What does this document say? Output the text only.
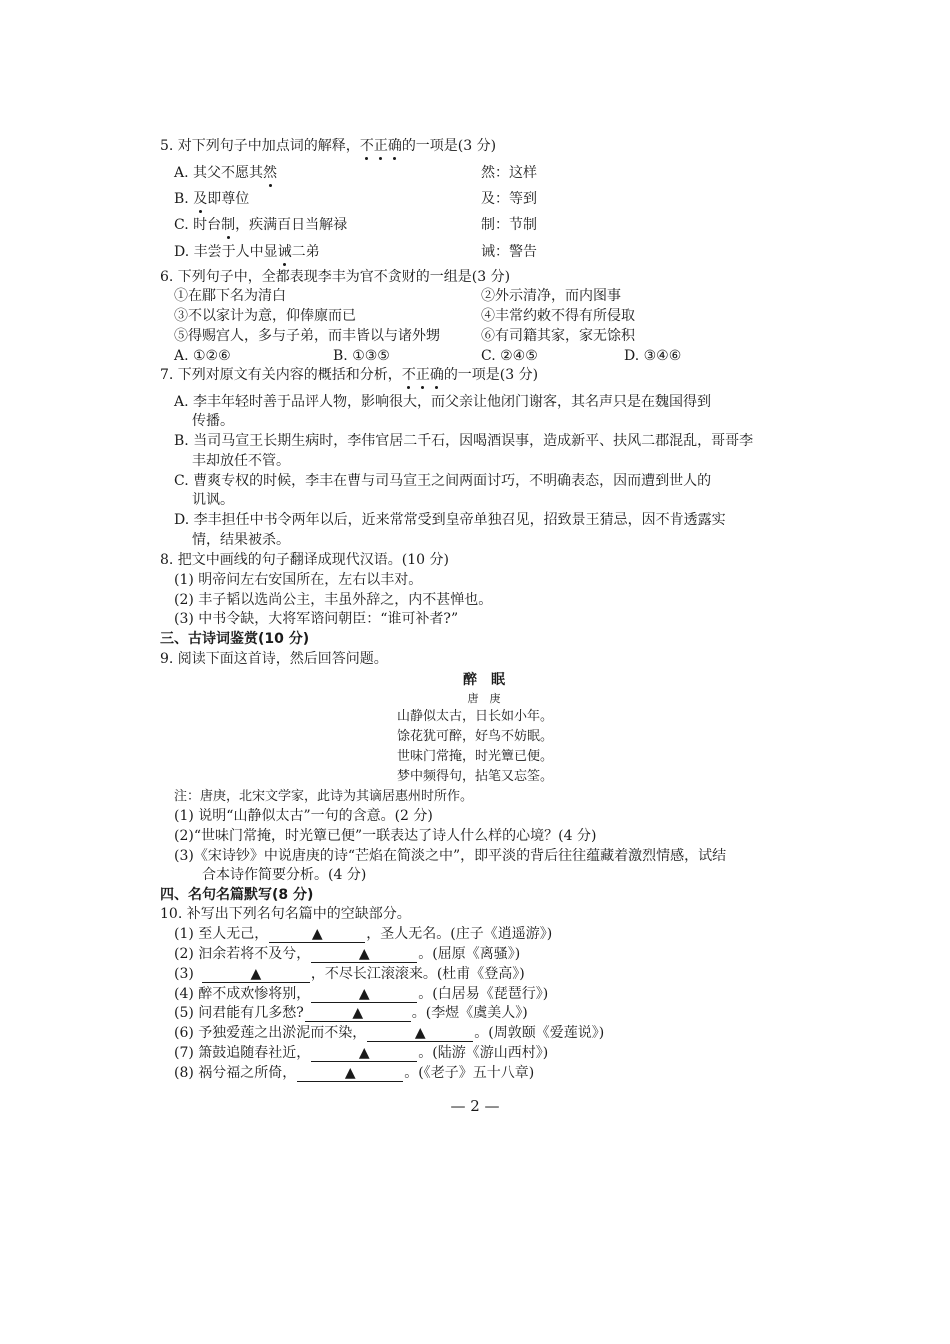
5. 对下列句子中加点词的解释，不正确的一项是(3 分)
A. 其父不愿其然	然：这样
B. 及即尊位	及：等到
C. 时台制，疾满百日当解禄	制：节制
D. 丰尝于人中显诫二弟	诫：警告
6. 下列句子中，全都表现李丰为官不贪财的一组是(3 分)
①在郿下名为清白	②外示清净，而内图事
③不以家计为意，仰俸廪而已	④丰常约敕不得有所侵取
⑤得赐宫人，多与子弟，而丰皆以与诸外甥	⑥有司籍其家，家无馀积
A. ①②⑥	B. ①③⑤	C. ②④⑤	D. ③④⑥
7. 下列对原文有关内容的概括和分析，不正确的一项是(3 分)
A. 李丰年轻时善于品评人物，影响很大，而父亲让他闭门谢客，其名声只是在魏国得到
传播。
B. 当司马宣王长期生病时，李伟官居二千石，因喝酒误事，造成新平、扶风二郡混乱，哥哥李
丰却放任不管。
C. 曹爽专权的时候，李丰在曹与司马宣王之间两面讨巧，不明确表态，因而遭到世人的
讥讽。
D. 李丰担任中书令两年以后，近来常常受到皇帝单独召见，招致景王猜忌，因不肯透露实
情，结果被杀。
8. 把文中画线的句子翻译成现代汉语。(10 分)
(1) 明帝问左右安国所在，左右以丰对。
(2) 丰子韬以选尚公主，丰虽外辞之，内不甚惮也。
(3) 中书令缺，大将军谘问朝臣：“谁可补者?”
三、古诗词鉴赏(10 分)
9. 阅读下面这首诗，然后回答问题。
醉　眠
唐　庚
山静似太古，日长如小年。
馀花犹可醉，好鸟不妨眠。
世味门常掩，时光簟已便。
梦中频得句，拈笔又忘筌。
注：唐庚，北宋文学家，此诗为其谪居惠州时所作。
(1) 说明“山静似太古”一句的含意。(2 分)
(2)“世味门常掩，时光簟已便”一联表达了诗人什么样的心境？(4 分)
(3)《宋诗钞》中说唐庚的诗“芒焰在简淡之中”，即平淡的背后往往蕴藏着激烈情感，试结
合本诗作简要分析。(4 分)
四、名句名篇默写(8 分)
10. 补写出下列名句名篇中的空缺部分。
(1) 至人无己，	▲	，圣人无名。(庄子《逍遥游》)
(2) 汩余若将不及兮，	▲	。(屈原《离骚》)
(3)	▲	，不尽长江滚滚来。(杜甫《登高》)
(4) 醉不成欢惨将别，	▲	。(白居易《琵琶行》)
(5) 问君能有几多愁?	▲	。(李煜《虞美人》)
(6) 予独爱莲之出淤泥而不染，	▲	。(周敦颐《爱莲说》)
(7) 箫鼓追随春社近，	▲	。(陆游《游山西村》)
(8) 祸兮福之所倚，	▲	。(《老子》五十八章)
— 2 —
